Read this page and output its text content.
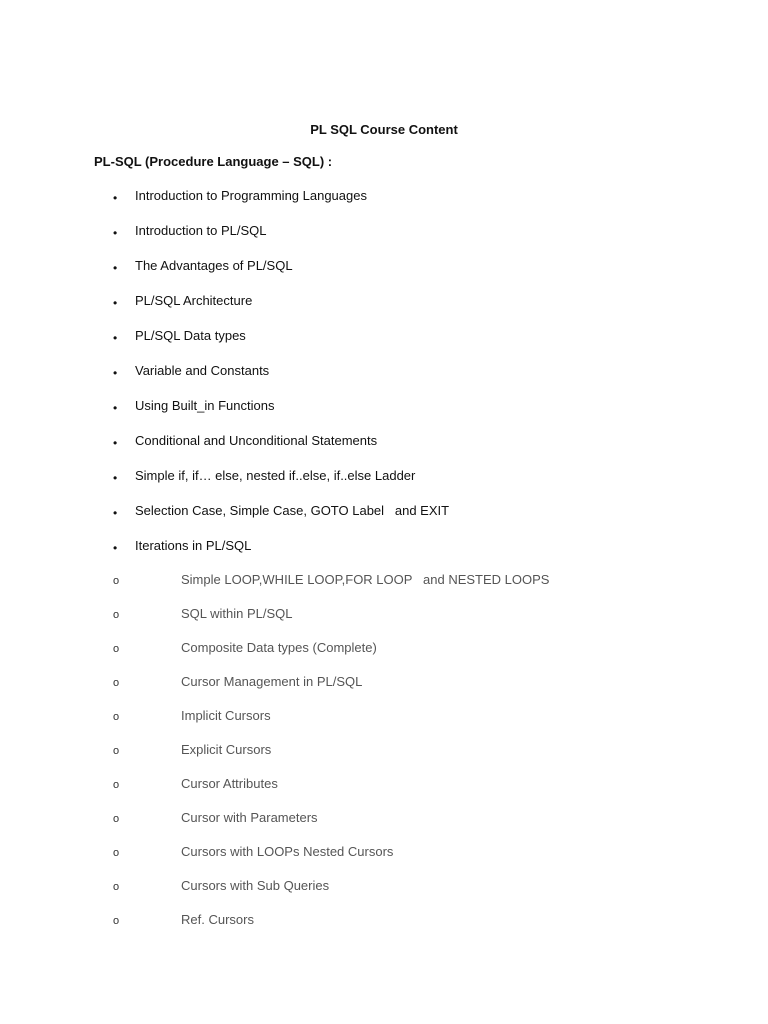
PL SQL Course Content
PL-SQL (Procedure Language – SQL) :
• Introduction to Programming Languages
• Introduction to PL/SQL
• The Advantages of PL/SQL
• PL/SQL Architecture
• PL/SQL Data types
• Variable and Constants
• Using Built_in Functions
• Conditional and Unconditional Statements
• Simple if, if… else, nested if..else, if..else Ladder
• Selection Case, Simple Case, GOTO Label   and EXIT
• Iterations in PL/SQL
o	Simple LOOP,WHILE LOOP,FOR LOOP   and NESTED LOOPS
o	SQL within PL/SQL
o	Composite Data types (Complete)
o	Cursor Management in PL/SQL
o	Implicit Cursors
o	Explicit Cursors
o	Cursor Attributes
o	Cursor with Parameters
o	Cursors with LOOPs Nested Cursors
o	Cursors with Sub Queries
o	Ref. Cursors
